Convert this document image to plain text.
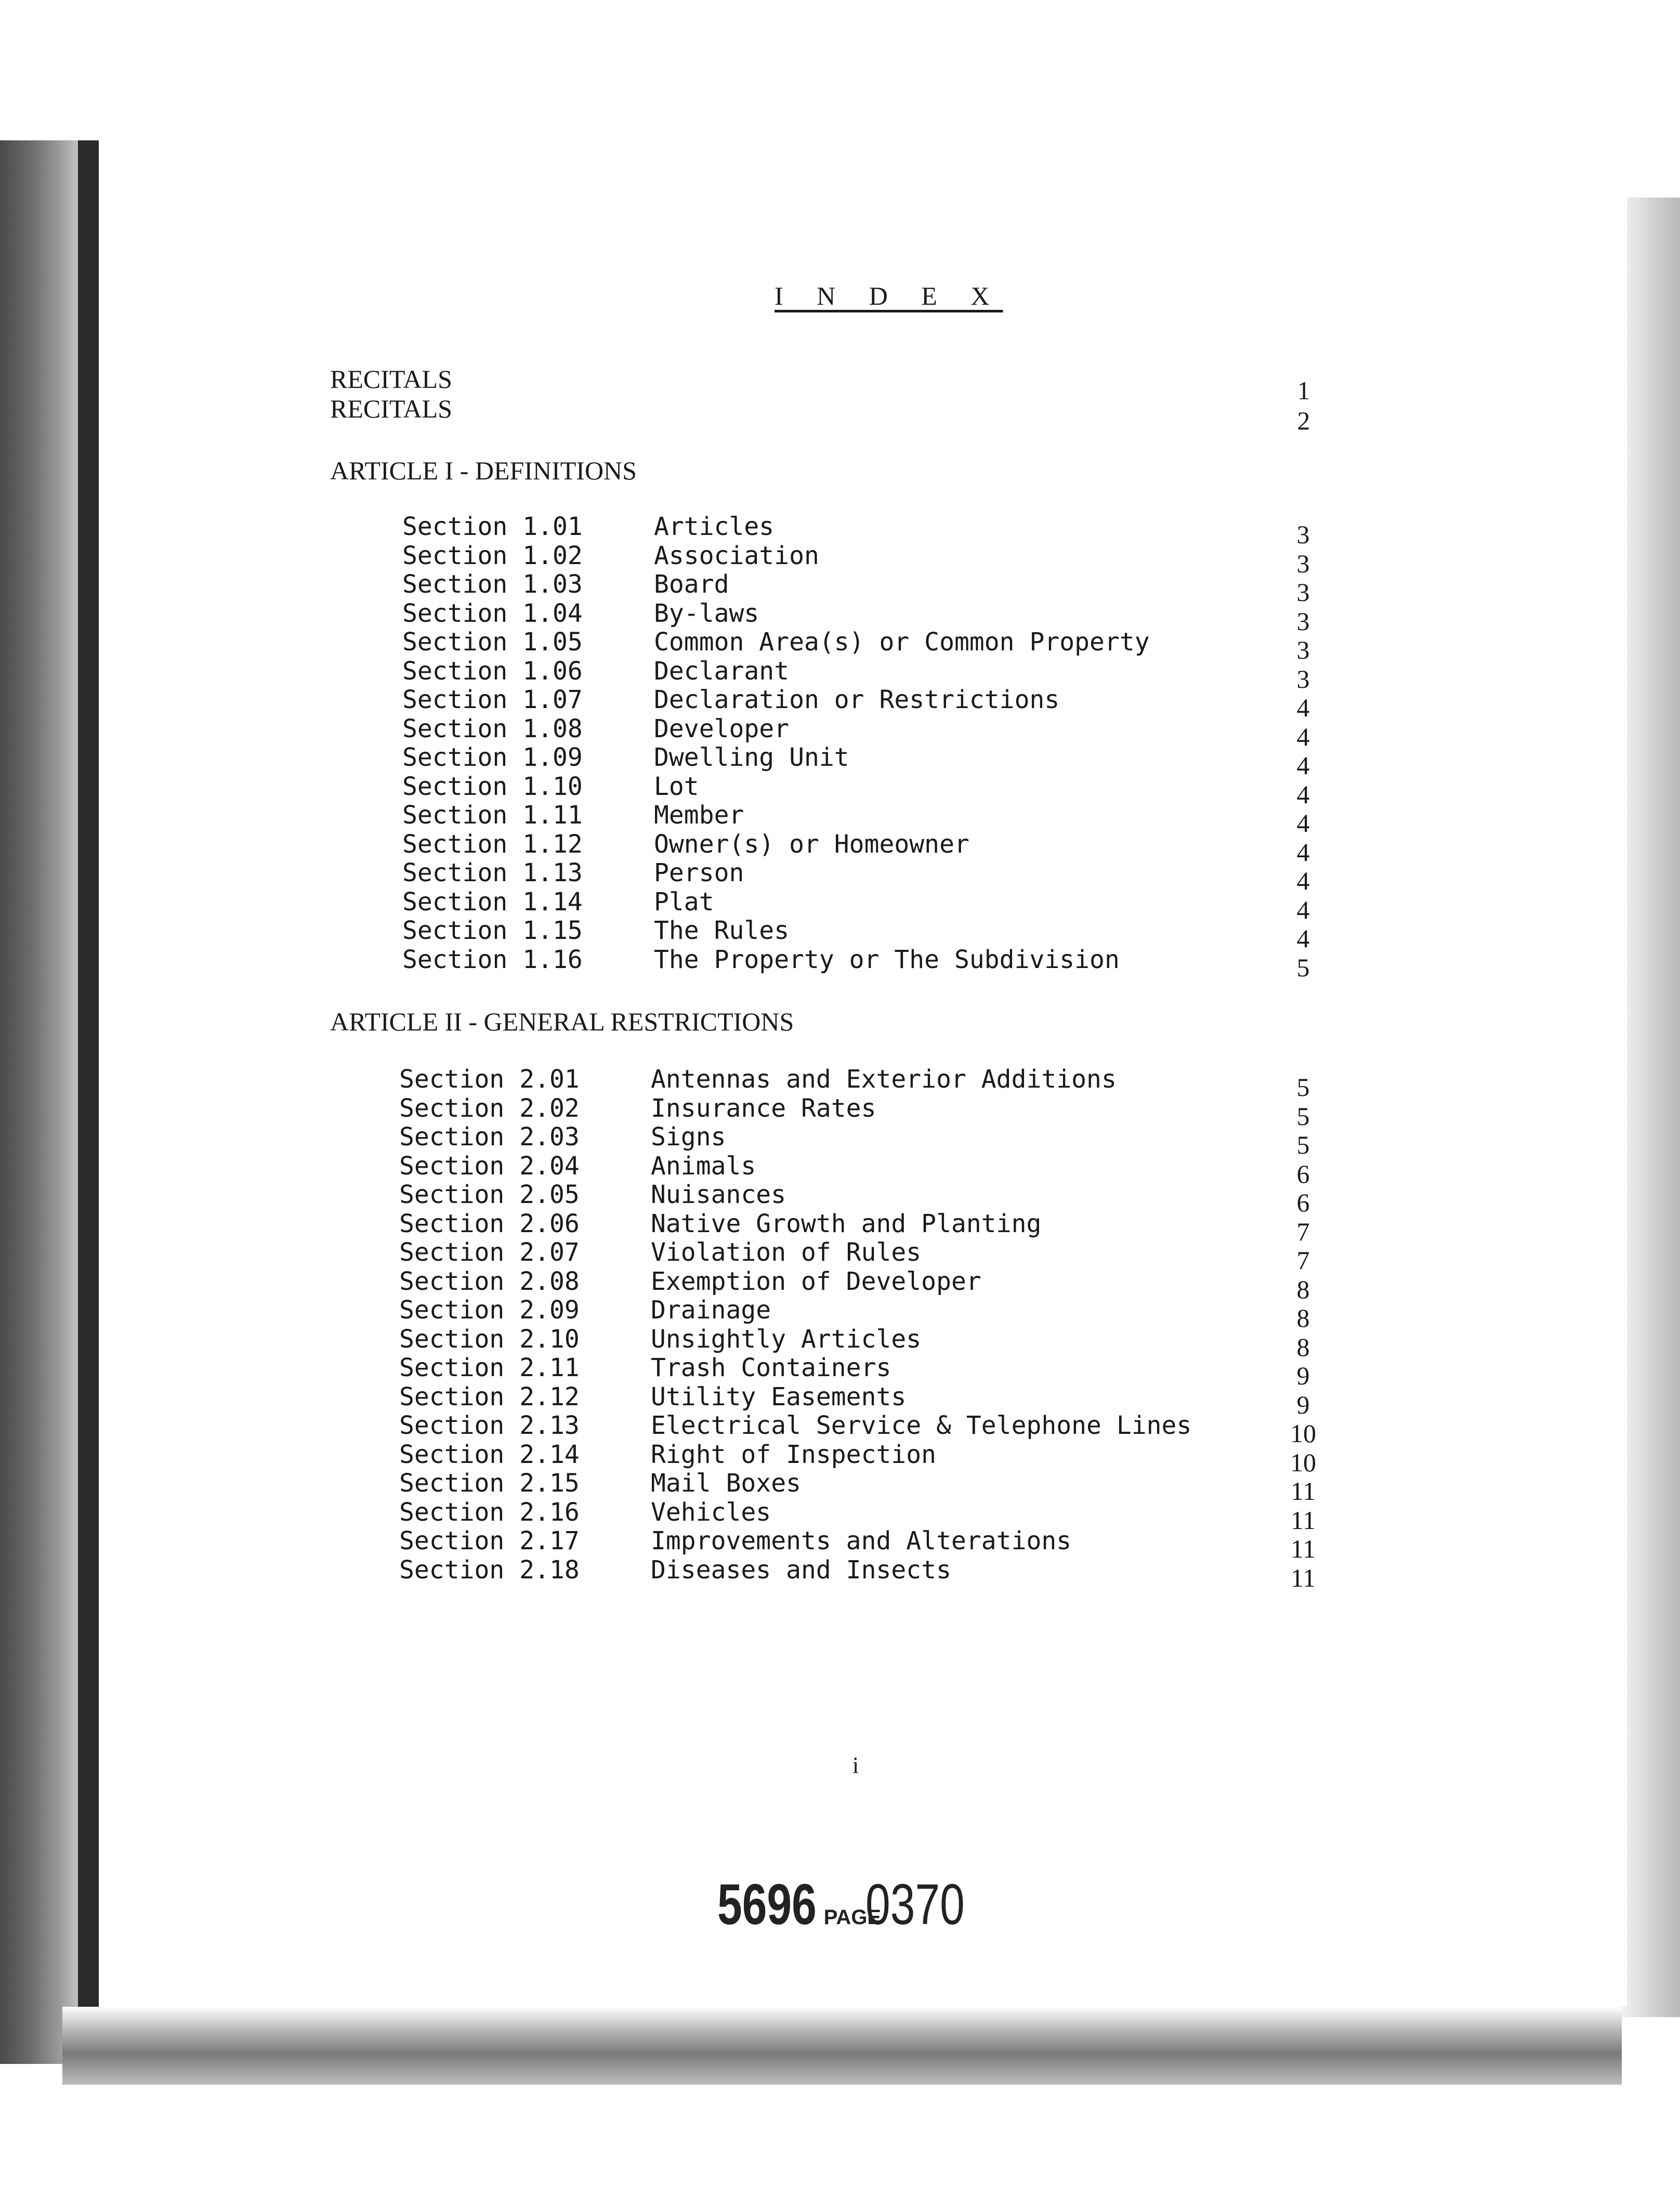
I N D E X
RECITALS	1
RECITALS	2
ARTICLE I - DEFINITIONS
Section 1.01	Articles	3
Section 1.02	Association	3
Section 1.03	Board	3
Section 1.04	By-laws	3
Section 1.05	Common Area(s) or Common Property	3
Section 1.06	Declarant	3
Section 1.07	Declaration or Restrictions	4
Section 1.08	Developer	4
Section 1.09	Dwelling Unit	4
Section 1.10	Lot	4
Section 1.11	Member	4
Section 1.12	Owner(s) or Homeowner	4
Section 1.13	Person	4
Section 1.14	Plat	4
Section 1.15	The Rules	4
Section 1.16	The Property or The Subdivision	5
ARTICLE II - GENERAL RESTRICTIONS
Section 2.01	Antennas and Exterior Additions	5
Section 2.02	Insurance Rates	5
Section 2.03	Signs	5
Section 2.04	Animals	6
Section 2.05	Nuisances	6
Section 2.06	Native Growth and Planting	7
Section 2.07	Violation of Rules	7
Section 2.08	Exemption of Developer	8
Section 2.09	Drainage	8
Section 2.10	Unsightly Articles	8
Section 2.11	Trash Containers	9
Section 2.12	Utility Easements	9
Section 2.13	Electrical Service & Telephone Lines	10
Section 2.14	Right of Inspection	10
Section 2.15	Mail Boxes	11
Section 2.16	Vehicles	11
Section 2.17	Improvements and Alterations	11
Section 2.18	Diseases and Insects	11
i
5696 PAGE0370
